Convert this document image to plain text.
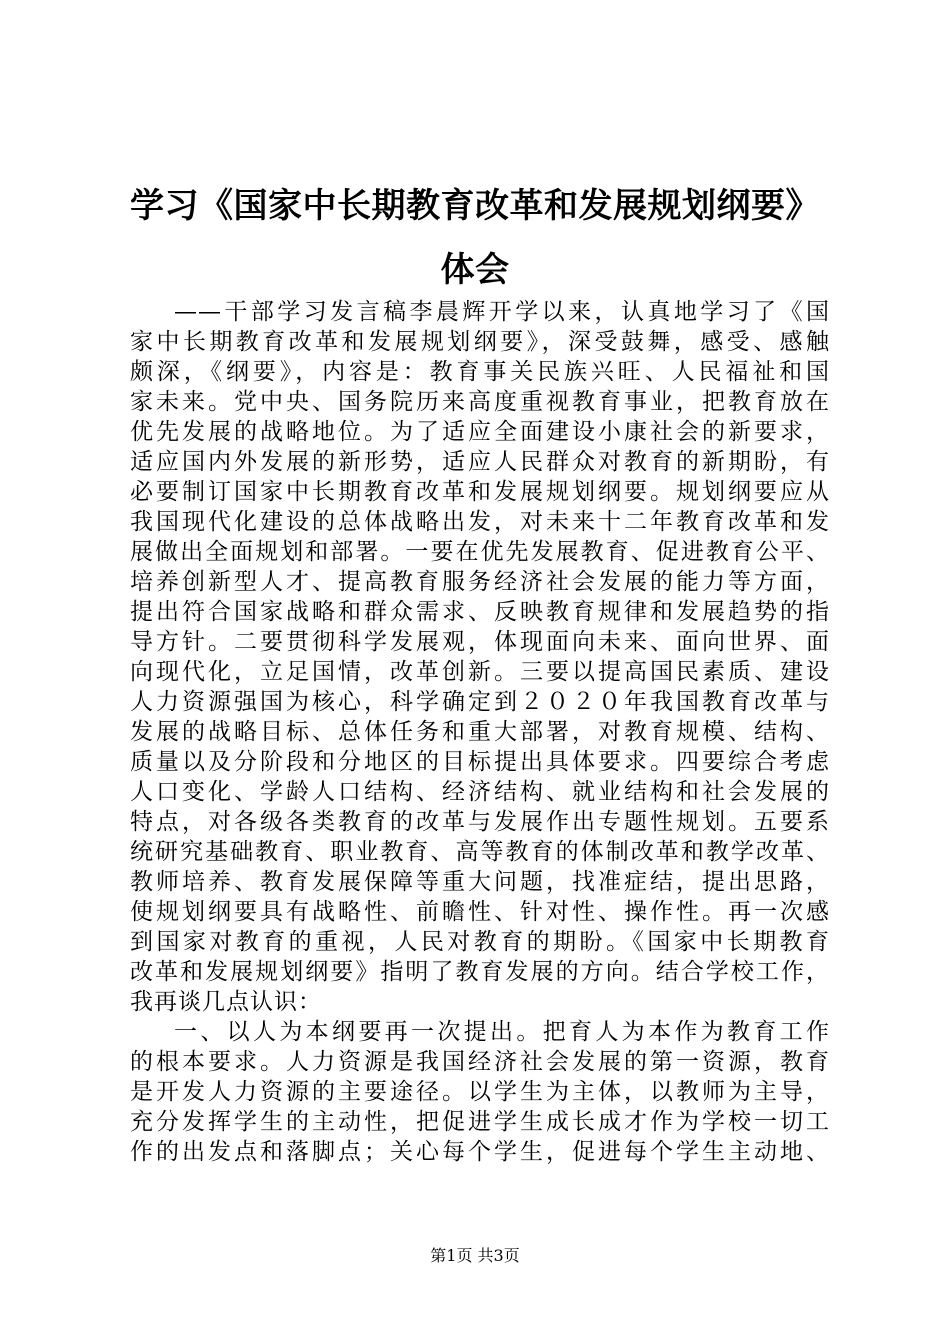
学习《国家中长期教育改革和发展规划纲要》
体会
——干部学习发言稿李晨辉开学以来，认真地学习了《国
家中长期教育改革和发展规划纲要》，深受鼓舞，感受、感触
颇深，《纲要》，内容是：教育事关民族兴旺、人民福祉和国
家未来。党中央、国务院历来高度重视教育事业，把教育放在
优先发展的战略地位。为了适应全面建设小康社会的新要求，
适应国内外发展的新形势，适应人民群众对教育的新期盼，有
必要制订国家中长期教育改革和发展规划纲要。规划纲要应从
我国现代化建设的总体战略出发，对未来十二年教育改革和发
展做出全面规划和部署。一要在优先发展教育、促进教育公平、
培养创新型人才、提高教育服务经济社会发展的能力等方面，
提出符合国家战略和群众需求、反映教育规律和发展趋势的指
导方针。二要贯彻科学发展观，体现面向未来、面向世界、面
向现代化，立足国情，改革创新。三要以提高国民素质、建设
人力资源强国为核心，科学确定到２０２０年我国教育改革与
发展的战略目标、总体任务和重大部署，对教育规模、结构、
质量以及分阶段和分地区的目标提出具体要求。四要综合考虑
人口变化、学龄人口结构、经济结构、就业结构和社会发展的
特点，对各级各类教育的改革与发展作出专题性规划。五要系
统研究基础教育、职业教育、高等教育的体制改革和教学改革、
教师培养、教育发展保障等重大问题，找准症结，提出思路，
使规划纲要具有战略性、前瞻性、针对性、操作性。再一次感
到国家对教育的重视，人民对教育的期盼。《国家中长期教育
改革和发展规划纲要》指明了教育发展的方向。结合学校工作，
我再谈几点认识：
一、以人为本纲要再一次提出。把育人为本作为教育工作
的根本要求。人力资源是我国经济社会发展的第一资源，教育
是开发人力资源的主要途径。以学生为主体，以教师为主导，
充分发挥学生的主动性，把促进学生成长成才作为学校一切工
作的出发点和落脚点；关心每个学生，促进每个学生主动地、
第1页 共3页
